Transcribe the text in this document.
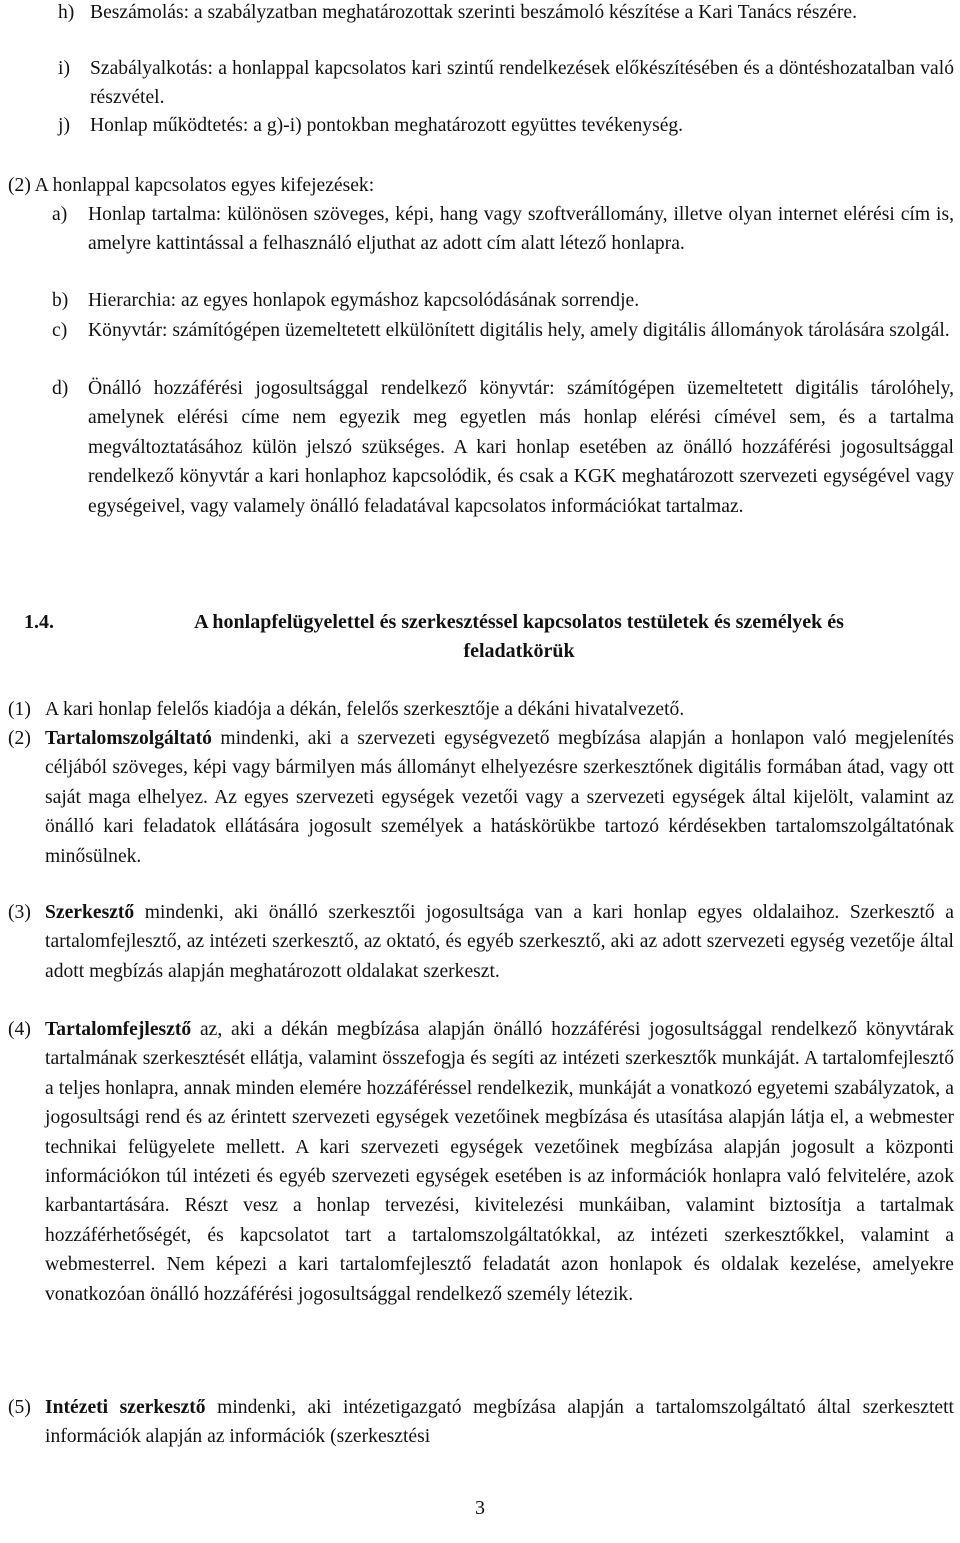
h) Beszámolás: a szabályzatban meghatározottak szerinti beszámoló készítése a Kari Tanács részére.
i) Szabályalkotás: a honlappal kapcsolatos kari szintű rendelkezések előkészítésében és a döntéshozatalban való részvétel.
j) Honlap működtetés: a g)-i) pontokban meghatározott együttes tevékenység.
(2) A honlappal kapcsolatos egyes kifejezések:
a) Honlap tartalma: különösen szöveges, képi, hang vagy szoftverállomány, illetve olyan internet elérési cím is, amelyre kattintással a felhasználó eljuthat az adott cím alatt létező honlapra.
b) Hierarchia: az egyes honlapok egymáshoz kapcsolódásának sorrendje.
c) Könyvtár: számítógépen üzemeltetett elkülönített digitális hely, amely digitális állományok tárolására szolgál.
d) Önálló hozzáférési jogosultsággal rendelkező könyvtár: számítógépen üzemeltetett digitális tárolóhely, amelynek elérési címe nem egyezik meg egyetlen más honlap elérési címével sem, és a tartalma megváltoztatásához külön jelszó szükséges. A kari honlap esetében az önálló hozzáférési jogosultsággal rendelkező könyvtár a kari honlaphoz kapcsolódik, és csak a KGK meghatározott szervezeti egységével vagy egységeivel, vagy valamely önálló feladatával kapcsolatos információkat tartalmaz.
1.4.	A honlapfelügyelettel és szerkesztéssel kapcsolatos testületek és személyek és
feladatkörük
(1) A kari honlap felelős kiadója a dékán, felelős szerkesztője a dékáni hivatalvezető.
(2) Tartalomszolgáltató mindenki, aki a szervezeti egységvezető megbízása alapján a honlapon való megjelenítés céljából szöveges, képi vagy bármilyen más állományt elhelyezésre szerkesztőnek digitális formában átad, vagy ott saját maga elhelyez. Az egyes szervezeti egységek vezetői vagy a szervezeti egységek által kijelölt, valamint az önálló kari feladatok ellátására jogosult személyek a hatáskörükbe tartozó kérdésekben tartalomszolgáltatónak minősülnek.
(3) Szerkesztő mindenki, aki önálló szerkesztői jogosultsága van a kari honlap egyes oldalaihoz. Szerkesztő a tartalomfejlesztő, az intézeti szerkesztő, az oktató, és egyéb szerkesztő, aki az adott szervezeti egység vezetője által adott megbízás alapján meghatározott oldalakat szerkeszt.
(4) Tartalomfejlesztő az, aki a dékán megbízása alapján önálló hozzáférési jogosultsággal rendelkező könyvtárak tartalmának szerkesztését ellátja, valamint összefogja és segíti az intézeti szerkesztők munkáját. A tartalomfejlesztő a teljes honlapra, annak minden elemére hozzáféréssel rendelkezik, munkáját a vonatkozó egyetemi szabályzatok, a jogosultsági rend és az érintett szervezeti egységek vezetőinek megbízása és utasítása alapján látja el, a webmester technikai felügyelete mellett. A kari szervezeti egységek vezetőinek megbízása alapján jogosult a központi információkon túl intézeti és egyéb szervezeti egységek esetében is az információk honlapra való felvitelére, azok karbantartására. Részt vesz a honlap tervezési, kivitelezési munkáiban, valamint biztosítja a tartalmak hozzáférhetőségét, és kapcsolatot tart a tartalomszolgáltatókkal, az intézeti szerkesztőkkel, valamint a webmesterrel. Nem képezi a kari tartalomfejlesztő feladatát azon honlapok és oldalak kezelése, amelyekre vonatkozóan önálló hozzáférési jogosultsággal rendelkező személy létezik.
(5) Intézeti szerkesztő mindenki, aki intézetigazgató megbízása alapján a tartalomszolgáltató által szerkesztett információk alapján az információk (szerkesztési
3
